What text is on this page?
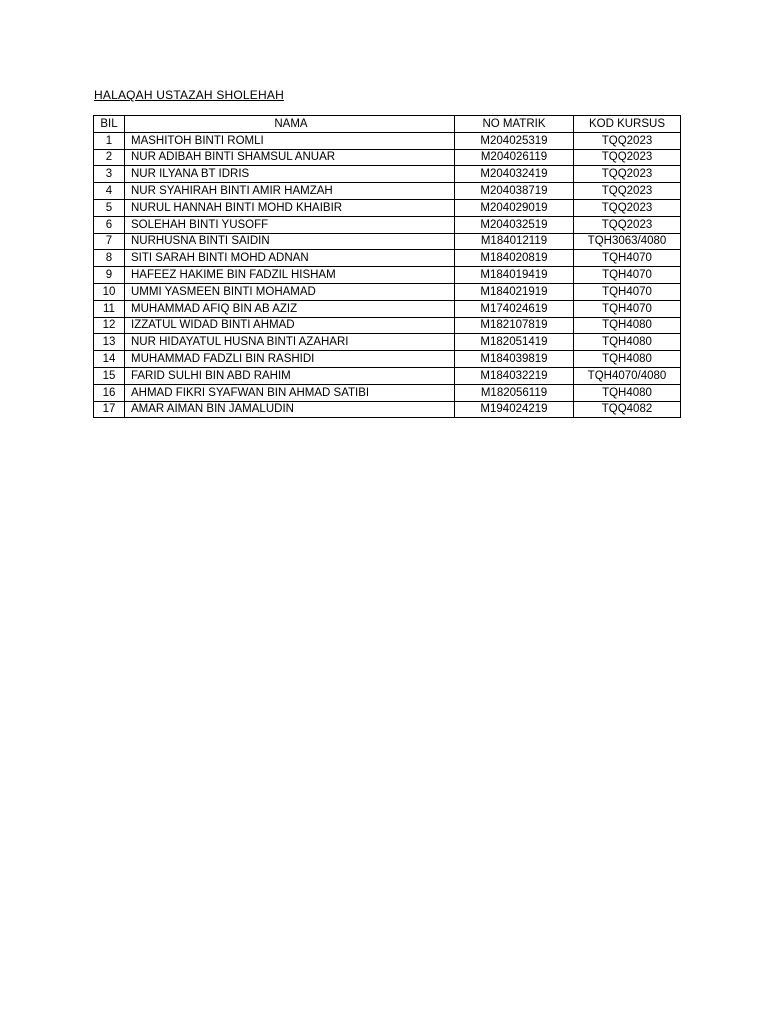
HALAQAH USTAZAH SHOLEHAH
BIL	NAMA	NO MATRIK	KOD KURSUS
1	MASHITOH BINTI ROMLI	M204025319	TQQ2023
2	NUR ADIBAH BINTI SHAMSUL ANUAR	M204026119	TQQ2023
3	NUR ILYANA BT IDRIS	M204032419	TQQ2023
4	NUR SYAHIRAH BINTI AMIR HAMZAH	M204038719	TQQ2023
5	NURUL HANNAH BINTI MOHD KHAIBIR	M204029019	TQQ2023
6	SOLEHAH BINTI YUSOFF	M204032519	TQQ2023
7	NURHUSNA BINTI SAIDIN	M184012119	TQH3063/4080
8	SITI SARAH BINTI MOHD ADNAN	M184020819	TQH4070
9	HAFEEZ HAKIME BIN FADZIL HISHAM	M184019419	TQH4070
10	UMMI YASMEEN BINTI MOHAMAD	M184021919	TQH4070
11	MUHAMMAD AFIQ BIN AB AZIZ	M174024619	TQH4070
12	IZZATUL WIDAD BINTI AHMAD	M182107819	TQH4080
13	NUR HIDAYATUL HUSNA BINTI AZAHARI	M182051419	TQH4080
14	MUHAMMAD FADZLI BIN RASHIDI	M184039819	TQH4080
15	FARID SULHI BIN ABD RAHIM	M184032219	TQH4070/4080
16	AHMAD FIKRI SYAFWAN BIN AHMAD SATIBI	M182056119	TQH4080
17	AMAR AIMAN BIN JAMALUDIN	M194024219	TQQ4082
